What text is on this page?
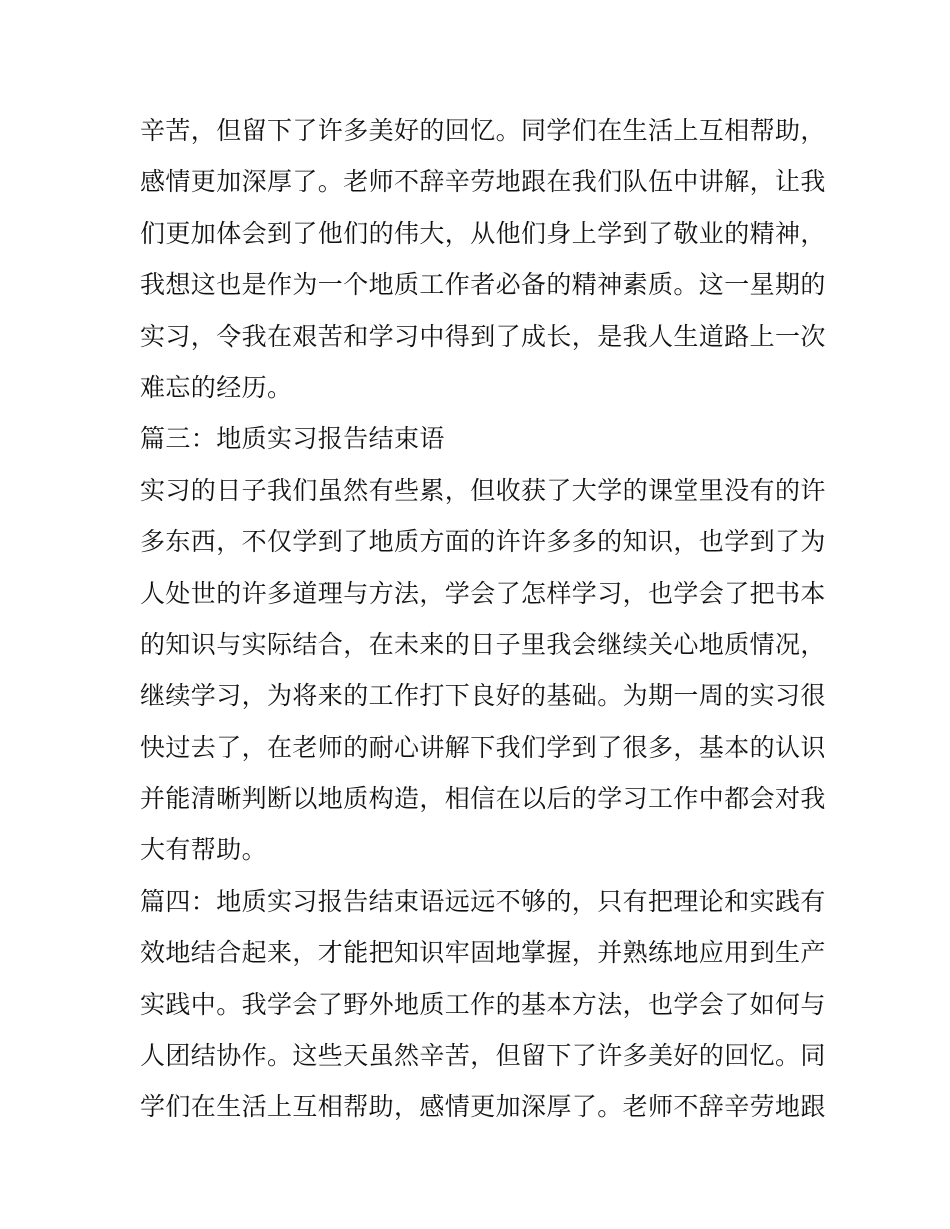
辛苦，但留下了许多美好的回忆。同学们在生活上互相帮助，
感情更加深厚了。老师不辞辛劳地跟在我们队伍中讲解，让我
们更加体会到了他们的伟大，从他们身上学到了敬业的精神，
我想这也是作为一个地质工作者必备的精神素质。这一星期的
实习，令我在艰苦和学习中得到了成长，是我人生道路上一次
难忘的经历。
篇三：地质实习报告结束语
实习的日子我们虽然有些累，但收获了大学的课堂里没有的许
多东西，不仅学到了地质方面的许许多多的知识，也学到了为
人处世的许多道理与方法，学会了怎样学习，也学会了把书本
的知识与实际结合，在未来的日子里我会继续关心地质情况，
继续学习，为将来的工作打下良好的基础。为期一周的实习很
快过去了，在老师的耐心讲解下我们学到了很多，基本的认识
并能清晰判断以地质构造，相信在以后的学习工作中都会对我
大有帮助。
篇四：地质实习报告结束语远远不够的，只有把理论和实践有
效地结合起来，才能把知识牢固地掌握，并熟练地应用到生产
实践中。我学会了野外地质工作的基本方法，也学会了如何与
人团结协作。这些天虽然辛苦，但留下了许多美好的回忆。同
学们在生活上互相帮助，感情更加深厚了。老师不辞辛劳地跟
